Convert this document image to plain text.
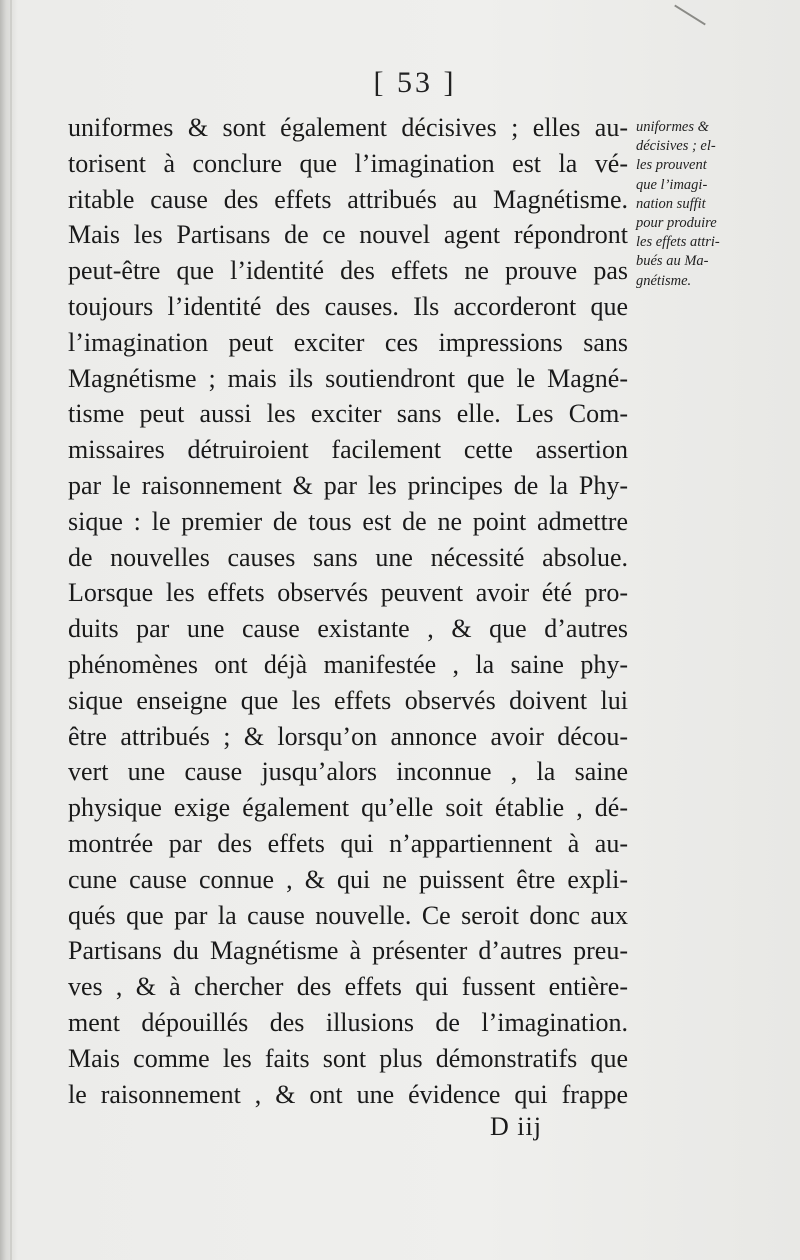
[ 53 ]
uniformes & sont également décisives ; elles au-
torisent à conclure que l’imagination est la vé-
ritable cause des effets attribués au Magnétisme.
Mais les Partisans de ce nouvel agent répondront
peut-être que l’identité des effets ne prouve pas
toujours l’identité des causes. Ils accorderont que
l’imagination peut exciter ces impressions sans
Magnétisme ; mais ils soutiendront que le Magné-
tisme peut aussi les exciter sans elle. Les Com-
missaires détruiroient facilement cette assertion
par le raisonnement & par les principes de la Phy-
sique : le premier de tous est de ne point admettre
de nouvelles causes sans une nécessité absolue.
Lorsque les effets observés peuvent avoir été pro-
duits par une cause existante , & que d’autres
phénomènes ont déjà manifestée , la saine phy-
sique enseigne que les effets observés doivent lui
être attribués ; & lorsqu’on annonce avoir décou-
vert une cause jusqu’alors inconnue , la saine
physique exige également qu’elle soit établie , dé-
montrée par des effets qui n’appartiennent à au-
cune cause connue , & qui ne puissent être expli-
qués que par la cause nouvelle. Ce seroit donc aux
Partisans du Magnétisme à présenter d’autres preu-
ves , & à chercher des effets qui fussent entière-
ment dépouillés des illusions de l’imagination.
Mais comme les faits sont plus démonstratifs que
le raisonnement , & ont une évidence qui frappe
uniformes &
décisives ; el-
les prouvent
que l’imagi-
nation suffit
pour produire
les effets attri-
bués au Ma-
gnétisme.
D iij
